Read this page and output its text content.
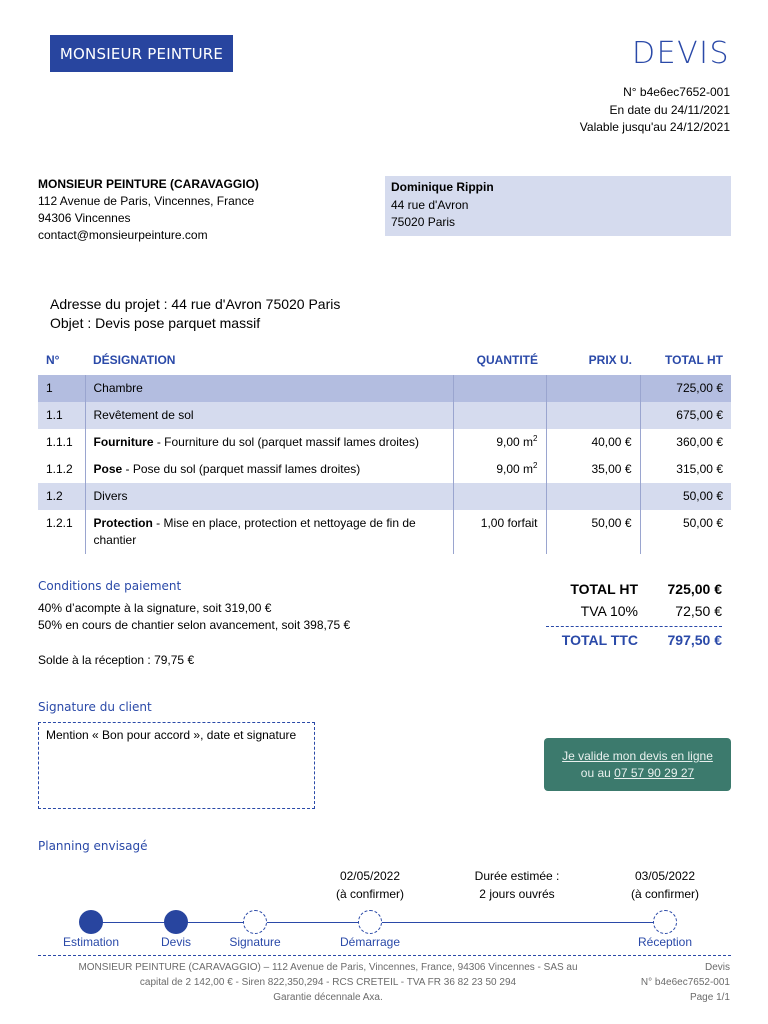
MONSIEUR PEINTURE	DEVIS
N° b4e6ec7652-001
En date du 24/11/2021
Valable jusqu'au 24/12/2021
MONSIEUR PEINTURE (CARAVAGGIO)
112 Avenue de Paris, Vincennes, France
94306 Vincennes
contact@monsieurpeinture.com
Dominique Rippin
44 rue d'Avron
75020 Paris
Adresse du projet : 44 rue d'Avron 75020 Paris
Objet : Devis pose parquet massif
N°	DÉSIGNATION	QUANTITÉ	PRIX U.	TOTAL HT
1	Chambre			725,00 €
1.1	Revêtement de sol			675,00 €
1.1.1	Fourniture - Fourniture du sol (parquet massif lames droites)	9,00 $m^2$	40,00 €	360,00 €
1.1.2	Pose - Pose du sol (parquet massif lames droites)	9,00 $m^2$	35,00 €	315,00 €
1.2	Divers			50,00 €
1.2.1	Protection - Mise en place, protection et nettoyage de fin de chantier	1,00 forfait	50,00 €	50,00 €
Conditions de paiement
40% d’acompte à la signature, soit 319,00 €
50% en cours de chantier selon avancement, soit 398,75 €
Solde à la réception : 79,75 €
TOTAL HT	725,00 €
TVA 10%	72,50 €
TOTAL TTC	797,50 €
Signature du client
Mention « Bon pour accord », date et signature
Je valide mon devis en ligne
ou au 07 57 90 29 27
Planning envisagé
02/05/2022
(à confirmer)
Durée estimée :
2 jours ouvrés
03/05/2022
(à confirmer)
Estimation	Devis	Signature	Démarrage	Réception
MONSIEUR PEINTURE (CARAVAGGIO) – 112 Avenue de Paris, Vincennes, France, 94306 Vincennes - SAS au
capital de 2 142,00 € - Siren 822,350,294 - RCS CRETEIL - TVA FR 36 82 23 50 294
Garantie décennale Axa.
Devis
N° b4e6ec7652-001
Page 1/1
